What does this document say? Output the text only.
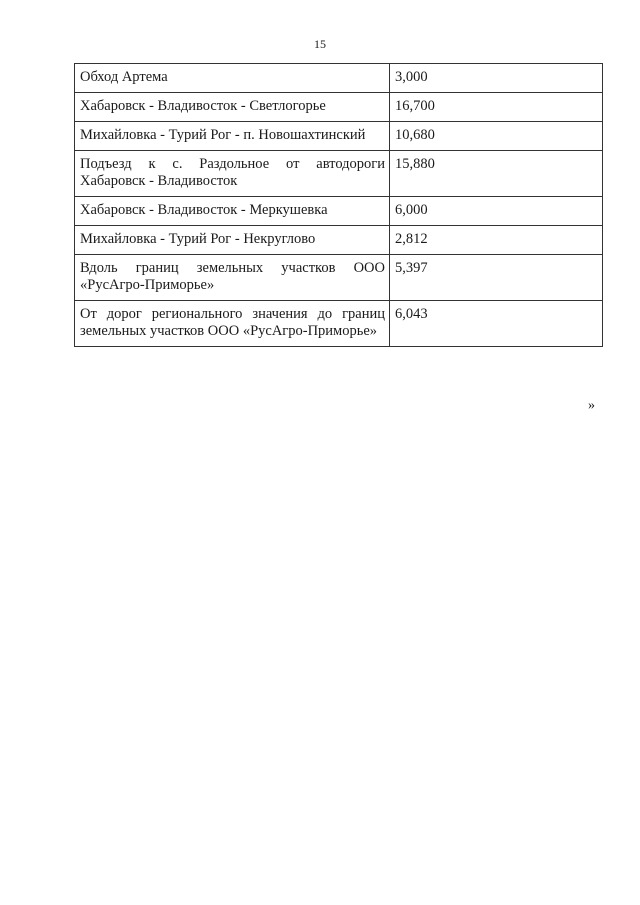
15
Обход Артема	3,000
Хабаровск - Владивосток - Светлогорье	16,700
Михайловка - Турий Рог - п. Новошахтинский	10,680
Подъезд к с. Раздольное от автодороги Хабаровск - Владивосток	15,880
Хабаровск - Владивосток - Меркушевка	6,000
Михайловка - Турий Рог - Некруглово	2,812
Вдоль границ земельных участков ООО «РусАгро-Приморье»	5,397
От дорог регионального значения до границ земельных участков ООО «РусАгро-Приморье»	6,043
»
